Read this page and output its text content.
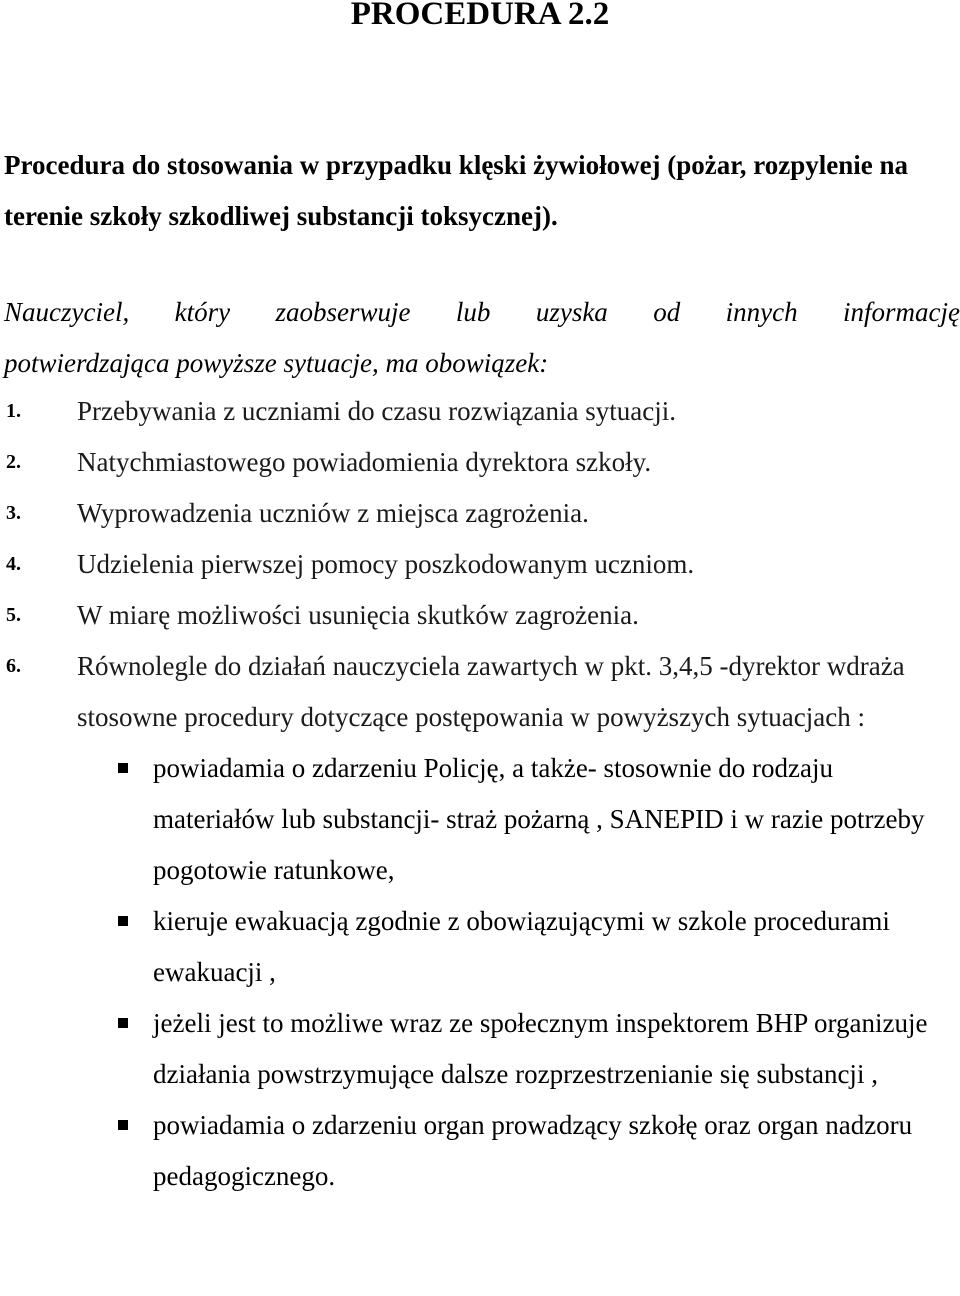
PROCEDURA 2.2

Procedura do stosowania w przypadku klęski żywiołowej (pożar, rozpylenie na terenie szkoły szkodliwej substancji toksycznej).

Nauczyciel, który zaobserwuje lub uzyska od innych informację
potwierdzająca powyższe sytuacje, ma obowiązek:

1. Przebywania z uczniami do czasu rozwiązania sytuacji.
2. Natychmiastowego powiadomienia dyrektora szkoły.
3. Wyprowadzenia uczniów z miejsca zagrożenia.
4. Udzielenia pierwszej pomocy poszkodowanym uczniom.
5. W miarę możliwości usunięcia skutków zagrożenia.
6. Równolegle do działań nauczyciela zawartych w pkt. 3,4,5 -dyrektor wdraża stosowne procedury dotyczące postępowania w powyższych sytuacjach :
powiadamia o zdarzeniu Policję, a także- stosownie do rodzaju materiałów lub substancji- straż pożarną , SANEPID i w razie potrzeby pogotowie ratunkowe,
kieruje ewakuacją zgodnie z obowiązującymi w szkole procedurami ewakuacji ,
jeżeli jest to możliwe wraz ze społecznym inspektorem BHP organizuje działania powstrzymujące dalsze rozprzestrzenianie się substancji ,
powiadamia o zdarzeniu organ prowadzący szkołę oraz organ nadzoru pedagogicznego.
